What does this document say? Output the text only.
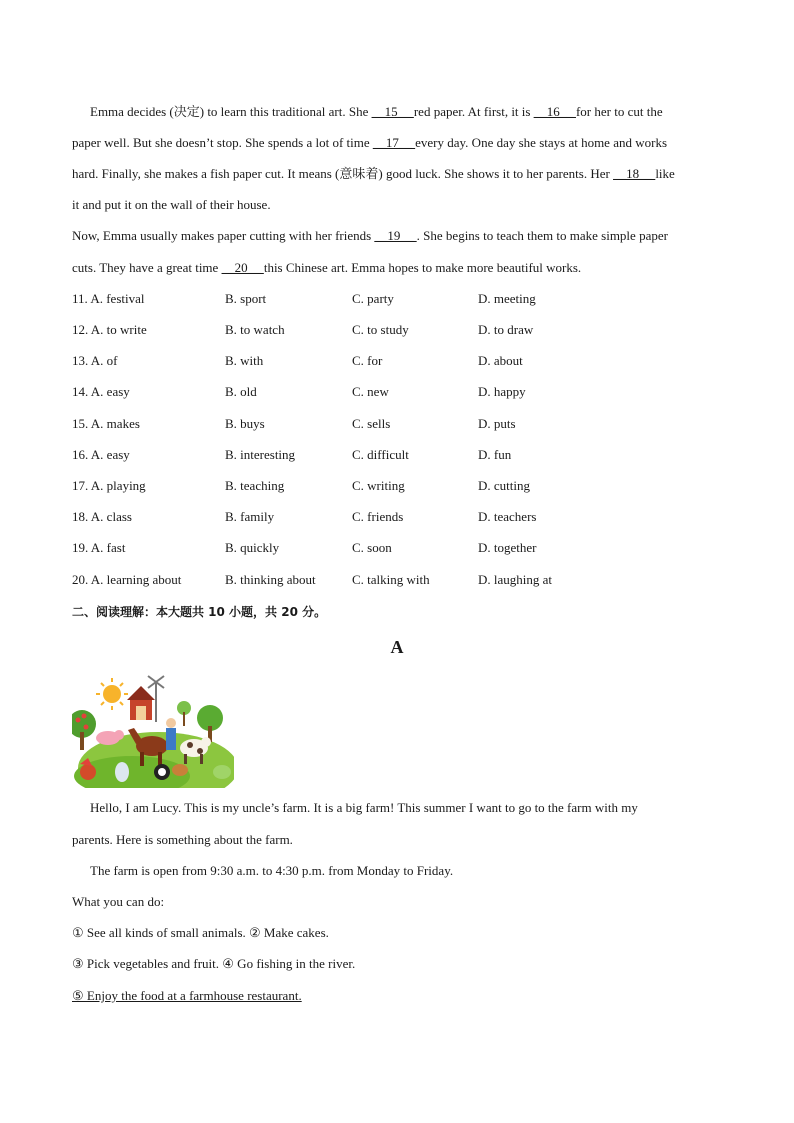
Emma decides (决定) to learn this traditional art. She __15__ red paper. At first, it is __16__ for her to cut the
paper well. But she doesn’t stop. She spends a lot of time __17__ every day. One day she stays at home and works
hard. Finally, she makes a fish paper cut. It means (意味着) good luck. She shows it to her parents. Her __18__ like
it and put it on the wall of their house.
Now, Emma usually makes paper cutting with her friends __19__ . She begins to teach them to make simple paper
cuts. They have a great time __20__ this Chinese art. Emma hopes to make more beautiful works.
11. A. festival	B. sport	C. party	D. meeting
12. A. to write	B. to watch	C. to study	D. to draw
13. A. of	B. with	C. for	D. about
14. A. easy	B. old	C. new	D. happy
15. A. makes	B. buys	C. sells	D. puts
16. A. easy	B. interesting	C. difficult	D. fun
17. A. playing	B. teaching	C. writing	D. cutting
18. A. class	B. family	C. friends	D. teachers
19. A. fast	B. quickly	C. soon	D. together
20. A. learning about	B. thinking about	C. talking with	D. laughing at
二、阅读理解：本大题共 10 小题，共 20 分。
A
Hello, I am Lucy. This is my uncle’s farm. It is a big farm! This summer I want to go to the farm with my
parents. Here is something about the farm.
The farm is open from 9:30 a.m. to 4:30 p.m. from Monday to Friday.
What you can do:
① See all kinds of small animals. ② Make cakes.
③ Pick vegetables and fruit. ④ Go fishing in the river.
⑤ Enjoy the food at a farmhouse restaurant.
